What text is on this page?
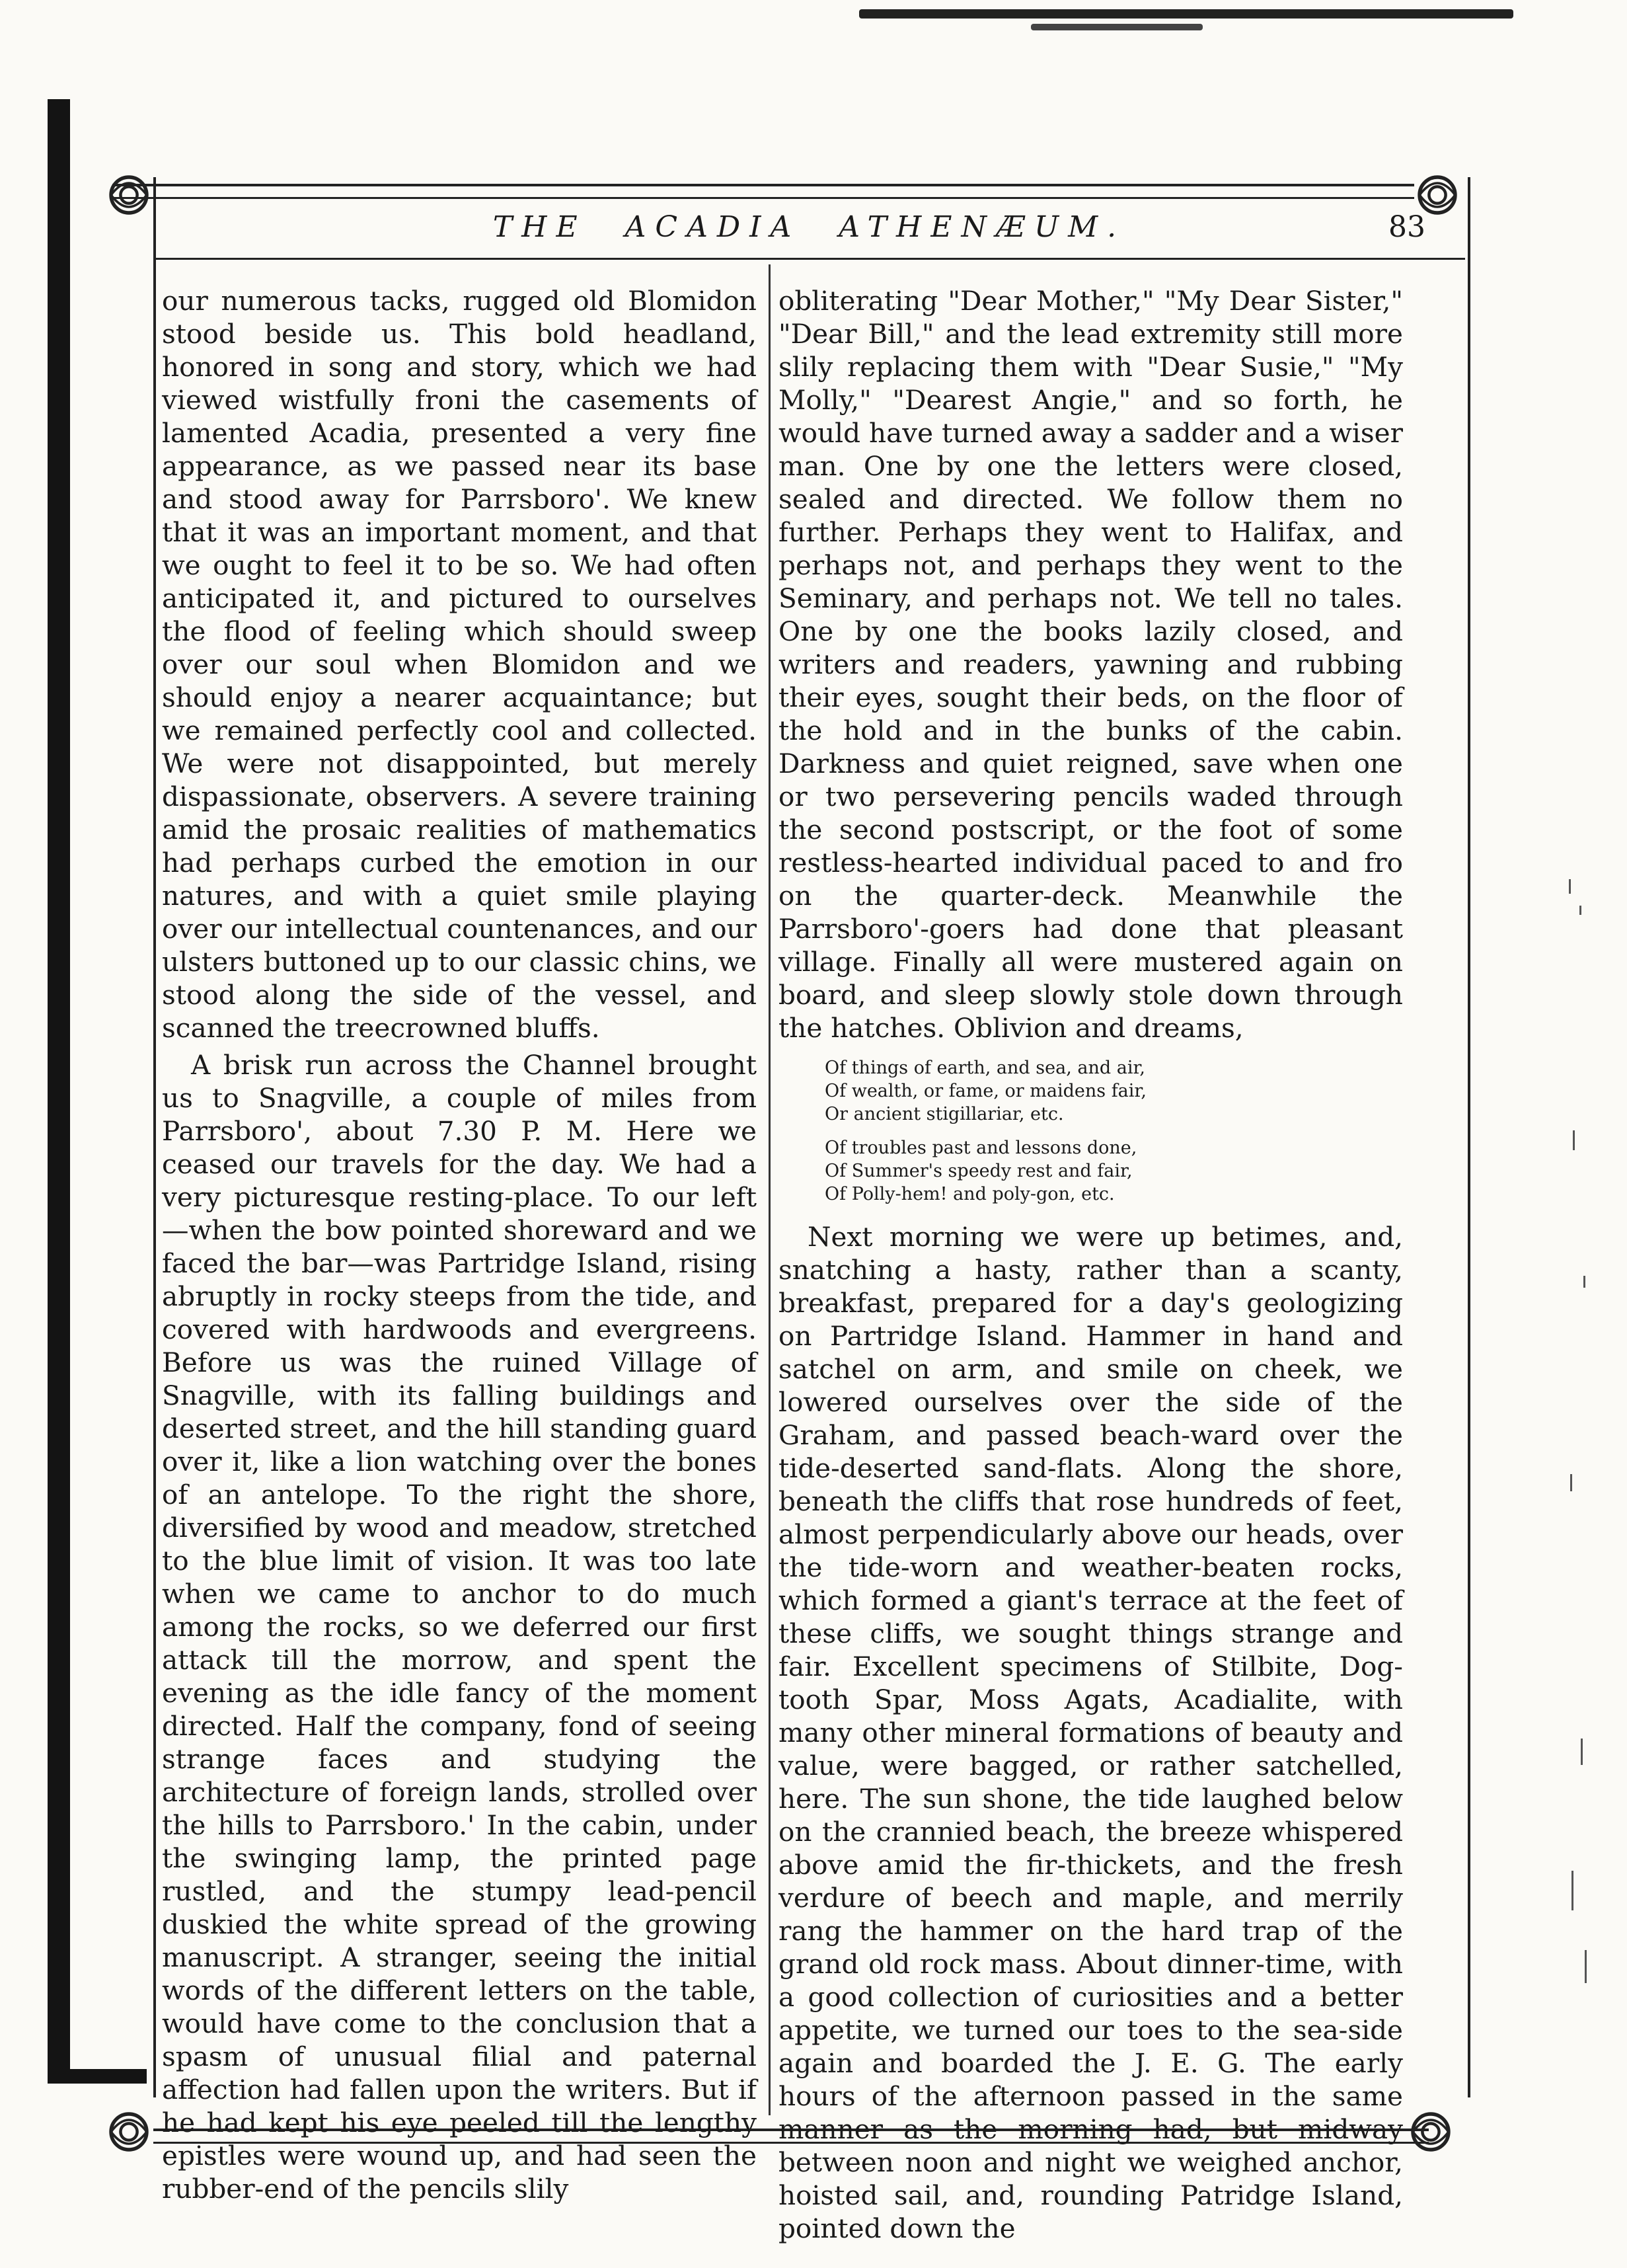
THE ACADIA ATHENÆUM.	83

our numerous tacks, rugged old Blomidon stood beside us. This bold headland, honored in song and story, which we had viewed wistfully froni the casements of lamented Acadia, presented a very fine appearance, as we passed near its base and stood away for Parrsboro'. We knew that it was an important moment, and that we ought to feel it to be so. We had often anticipated it, and pictured to ourselves the flood of feeling which should sweep over our soul when Blomidon and we should enjoy a nearer acquaintance; but we remained perfectly cool and collected. We were not disappointed, but merely dispassionate, observers. A severe training amid the prosaic realities of mathematics had perhaps curbed the emotion in our natures, and with a quiet smile playing over our intellectual countenances, and our ulsters buttoned up to our classic chins, we stood along the side of the vessel, and scanned the treecrowned bluffs.

A brisk run across the Channel brought us to Snagville, a couple of miles from Parrsboro', about 7.30 P. M. Here we ceased our travels for the day. We had a very picturesque resting-place. To our left—when the bow pointed shoreward and we faced the bar—was Partridge Island, rising abruptly in rocky steeps from the tide, and covered with hardwoods and evergreens. Before us was the ruined Village of Snagville, with its falling buildings and deserted street, and the hill standing guard over it, like a lion watching over the bones of an antelope. To the right the shore, diversified by wood and meadow, stretched to the blue limit of vision. It was too late when we came to anchor to do much among the rocks, so we deferred our first attack till the morrow, and spent the evening as the idle fancy of the moment directed. Half the company, fond of seeing strange faces and studying the architecture of foreign lands, strolled over the hills to Parrsboro.' In the cabin, under the swinging lamp, the printed page rustled, and the stumpy lead-pencil duskied the white spread of the growing manuscript. A stranger, seeing the initial words of the different letters on the table, would have come to the conclusion that a spasm of unusual filial and paternal affection had fallen upon the writers. But if he had kept his eye peeled till the lengthy epistles were wound up, and had seen the rubber-end of the pencils slily

obliterating "Dear Mother," "My Dear Sister," "Dear Bill," and the lead extremity still more slily replacing them with "Dear Susie," "My Molly," "Dearest Angie," and so forth, he would have turned away a sadder and a wiser man. One by one the letters were closed, sealed and directed. We follow them no further. Perhaps they went to Halifax, and perhaps not, and perhaps they went to the Seminary, and perhaps not. We tell no tales. One by one the books lazily closed, and writers and readers, yawning and rubbing their eyes, sought their beds, on the floor of the hold and in the bunks of the cabin. Darkness and quiet reigned, save when one or two persevering pencils waded through the second postscript, or the foot of some restless-hearted individual paced to and fro on the quarter-deck. Meanwhile the Parrsboro'-goers had done that pleasant village. Finally all were mustered again on board, and sleep slowly stole down through the hatches. Oblivion and dreams,

Of things of earth, and sea, and air,
Of wealth, or fame, or maidens fair,
Or ancient stigillariar, etc.
Of troubles past and lessons done,
Of Summer's speedy rest and fair,
Of Polly-hem! and poly-gon, etc.

Next morning we were up betimes, and, snatching a hasty, rather than a scanty, breakfast, prepared for a day's geologizing on Partridge Island. Hammer in hand and satchel on arm, and smile on cheek, we lowered ourselves over the side of the Graham, and passed beach-ward over the tide-deserted sand-flats. Along the shore, beneath the cliffs that rose hundreds of feet, almost perpendicularly above our heads, over the tide-worn and weather-beaten rocks, which formed a giant's terrace at the feet of these cliffs, we sought things strange and fair. Excellent specimens of Stilbite, Dog-tooth Spar, Moss Agats, Acadialite, with many other mineral formations of beauty and value, were bagged, or rather satchelled, here. The sun shone, the tide laughed below on the crannied beach, the breeze whispered above amid the fir-thickets, and the fresh verdure of beech and maple, and merrily rang the hammer on the hard trap of the grand old rock mass. About dinner-time, with a good collection of curiosities and a better appetite, we turned our toes to the sea-side again and boarded the J. E. G. The early hours of the afternoon passed in the same manner as the morning had, but midway between noon and night we weighed anchor, hoisted sail, and, rounding Patridge Island, pointed down the
